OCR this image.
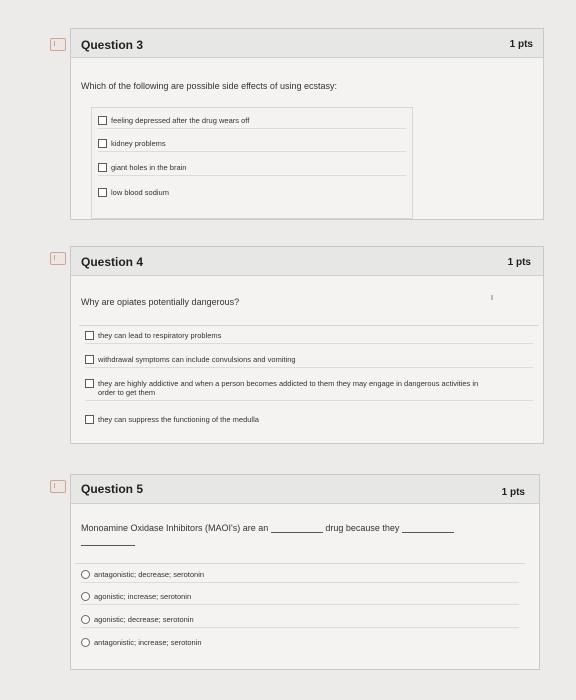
Question 3	1 pts
Which of the following are possible side effects of using ecstasy:
feeling depressed after the drug wears off
kidney problems
giant holes in the brain
low blood sodium
Question 4	1 pts
Why are opiates potentially dangerous?
they can lead to respiratory problems
withdrawal symptoms can include convulsions and vomiting
they are highly addictive and when a person becomes addicted to them they may engage in dangerous activities in order to get them
they can suppress the functioning of the medulla
Question 5	1 pts
Monoamine Oxidase Inhibitors (MAOI's) are an	drug because they
antagonistic; decrease; serotonin
agonistic; increase; serotonin
agonistic; decrease; serotonin
antagonistic; increase; serotonin
